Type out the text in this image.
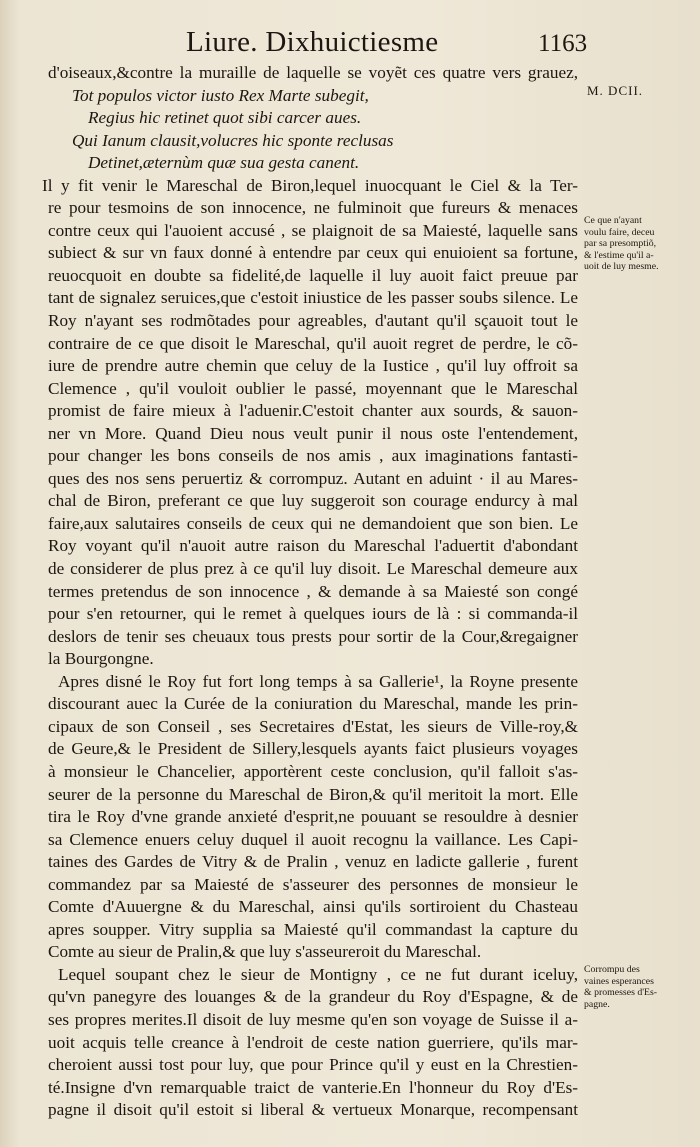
Liure. Dixhuictiesme	1163
M. DCII.
Ce que n'ayant
voulu faire, deceu
par sa presomptiõ,
& l'estime qu'il a-
uoit de luy mesme.
Corrompu des
vaines esperances
& promesses d'Es-
pagne.
d'oiseaux,&contre la muraille de laquelle se voyẽt ces quatre vers grauez,
Tot populos victor iusto Rex Marte subegit,
Regius hic retinet quot sibi carcer aues.
Qui Ianum clausit,volucres hic sponte reclusas
Detinet,æternùm quæ sua gesta canent.
Il y fit venir le Mareschal de Biron,lequel inuocquant le Ciel & la Ter-
re pour tesmoins de son innocence, ne fulminoit que fureurs & menaces
contre ceux qui l'auoient accusé , se plaignoit de sa Maiesté, laquelle sans
subiect & sur vn faux donné à entendre par ceux qui enuioient sa fortune,
reuocquoit en doubte sa fidelité,de laquelle il luy auoit faict preuue par
tant de signalez seruices,que c'estoit iniustice de les passer soubs silence. Le
Roy n'ayant ses rodmõtades pour agreables, d'autant qu'il sçauoit tout le
contraire de ce que disoit le Mareschal, qu'il auoit regret de perdre, le cõ-
iure de prendre autre chemin que celuy de la Iustice , qu'il luy offroit sa
Clemence , qu'il vouloit oublier le passé, moyennant que le Mareschal
promist de faire mieux à l'aduenir.C'estoit chanter aux sourds, & sauon-
ner vn More. Quand Dieu nous veult punir il nous oste l'entendement,
pour changer les bons conseils de nos amis , aux imaginations fantasti-
ques des nos sens peruertiz & corrompuz. Autant en aduint · il au Mares-
chal de Biron, preferant ce que luy suggeroit son courage endurcy à mal
faire,aux salutaires conseils de ceux qui ne demandoient que son bien. Le
Roy voyant qu'il n'auoit autre raison du Mareschal l'aduertit d'abondant
de considerer de plus prez à ce qu'il luy disoit. Le Mareschal demeure aux
termes pretendus de son innocence , & demande à sa Maiesté son congé
pour s'en retourner, qui le remet à quelques iours de là : si commanda-il
deslors de tenir ses cheuaux tous prests pour sortir de la Cour,&regaigner
la Bourgongne.
Apres disné le Roy fut fort long temps à sa Gallerie¹, la Royne presente
discourant auec la Curée de la coniuration du Mareschal, mande les prin-
cipaux de son Conseil , ses Secretaires d'Estat, les sieurs de Ville-roy,&
de Geure,& le President de Sillery,lesquels ayants faict plusieurs voyages
à monsieur le Chancelier, apportèrent ceste conclusion, qu'il falloit s'as-
seurer de la personne du Mareschal de Biron,& qu'il meritoit la mort. Elle
tira le Roy d'vne grande anxieté d'esprit,ne pouuant se resouldre à desnier
sa Clemence enuers celuy duquel il auoit recognu la vaillance. Les Capi-
taines des Gardes de Vitry & de Pralin , venuz en ladicte gallerie , furent
commandez par sa Maiesté de s'asseurer des personnes de monsieur le
Comte d'Auuergne & du Mareschal, ainsi qu'ils sortiroient du Chasteau
apres soupper. Vitry supplia sa Maiesté qu'il commandast la capture du
Comte au sieur de Pralin,& que luy s'asseureroit du Mareschal.
Lequel soupant chez le sieur de Montigny , ce ne fut durant iceluy,
qu'vn panegyre des louanges & de la grandeur du Roy d'Espagne, & de
ses propres merites.Il disoit de luy mesme qu'en son voyage de Suisse il a-
uoit acquis telle creance à l'endroit de ceste nation guerriere, qu'ils mar-
cheroient aussi tost pour luy, que pour Prince qu'il y eust en la Chrestien-
té.Insigne d'vn remarquable traict de vanterie.En l'honneur du Roy d'Es-
pagne il disoit qu'il estoit si liberal & vertueux Monarque, recompensant
